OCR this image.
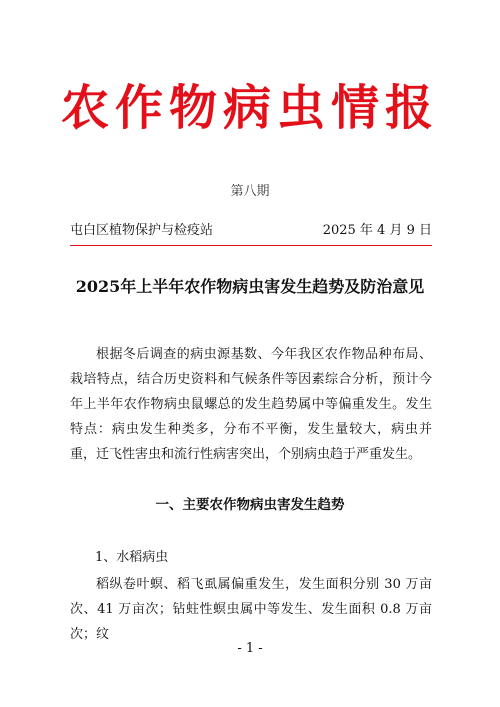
农作物病虫情报
第八期
屯白区植物保护与检疫站	2025 年 4 月 9 日
2025年上半年农作物病虫害发生趋势及防治意见

根据冬后调查的病虫源基数、今年我区农作物品种布局、栽培特点，结合历史资料和气候条件等因素综合分析，预计今年上半年农作物病虫鼠螺总的发生趋势属中等偏重发生。发生特点：病虫发生种类多，分布不平衡，发生量较大，病虫并重，迁飞性害虫和流行性病害突出，个别病虫趋于严重发生。

一、主要农作物病虫害发生趋势
1、水稻病虫

稻纵卷叶螟、稻飞虱属偏重发生，发生面积分别 30 万亩次、41 万亩次；钻蛀性螟虫属中等发生、发生面积 0.8 万亩次；纹

- 1 -
